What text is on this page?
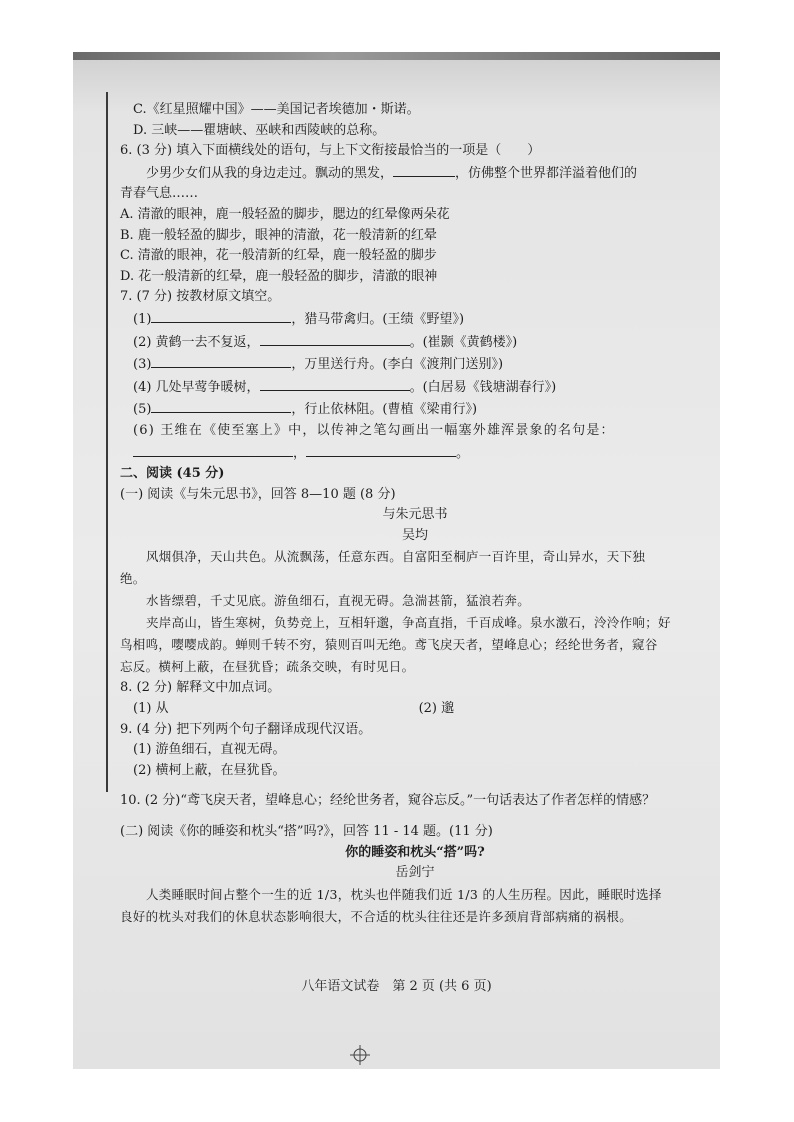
C.《红星照耀中国》——美国记者埃德加・斯诺。
D. 三峡——瞿塘峡、巫峡和西陵峡的总称。
6. (3 分) 填入下面横线处的语句，与上下文衔接最恰当的一项是（　　）
少男少女们从我的身边走过。飘动的黑发，	，仿佛整个世界都洋溢着他们的
青春气息……
A. 清澈的眼神，鹿一般轻盈的脚步，腮边的红晕像两朵花
B. 鹿一般轻盈的脚步，眼神的清澈，花一般清新的红晕
C. 清澈的眼神，花一般清新的红晕，鹿一般轻盈的脚步
D. 花一般清新的红晕，鹿一般轻盈的脚步，清澈的眼神
7. (7 分) 按教材原文填空。
(1)	，猎马带禽归。(王绩《野望》)
(2) 黄鹤一去不复返，	。(崔颢《黄鹤楼》)
(3)	，万里送行舟。(李白《渡荆门送别》)
(4) 几处早莺争暖树，	。(白居易《钱塘湖春行》)
(5)	，行止依林阻。(曹植《梁甫行》)
(6) 王维在《使至塞上》中，以传神之笔勾画出一幅塞外雄浑景象的名句是：
，	。
二、阅读 (45 分)
(一) 阅读《与朱元思书》，回答 8—10 题 (8 分)
与朱元思书
吴均
风烟俱净，天山共色。从流飘荡，任意东西。自富阳至桐庐一百许里，奇山异水，天下独
绝。
水皆缥碧，千丈见底。游鱼细石，直视无碍。急湍甚箭，猛浪若奔。
夹岸高山，皆生寒树，负势竞上，互相轩邈，争高直指，千百成峰。泉水激石，泠泠作响；好
鸟相鸣，嘤嘤成韵。蝉则千转不穷，猿则百叫无绝。鸢飞戾天者，望峰息心；经纶世务者，窥谷
忘反。横柯上蔽，在昼犹昏；疏条交映，有时见日。
8. (2 分) 解释文中加点词。
(1) 从	(2) 邈
9. (4 分) 把下列两个句子翻译成现代汉语。
(1) 游鱼细石，直视无碍。
(2) 横柯上蔽，在昼犹昏。
10. (2 分)“鸢飞戾天者，望峰息心；经纶世务者，窥谷忘反。”一句话表达了作者怎样的情感？
(二) 阅读《你的睡姿和枕头“搭”吗?》，回答 11 - 14 题。(11 分)
你的睡姿和枕头“搭”吗?
岳剑宁
人类睡眠时间占整个一生的近 1/3，枕头也伴随我们近 1/3 的人生历程。因此，睡眠时选择
良好的枕头对我们的休息状态影响很大，不合适的枕头往往还是许多颈肩背部病痛的祸根。
八年语文试卷　第 2 页 (共 6 页)
